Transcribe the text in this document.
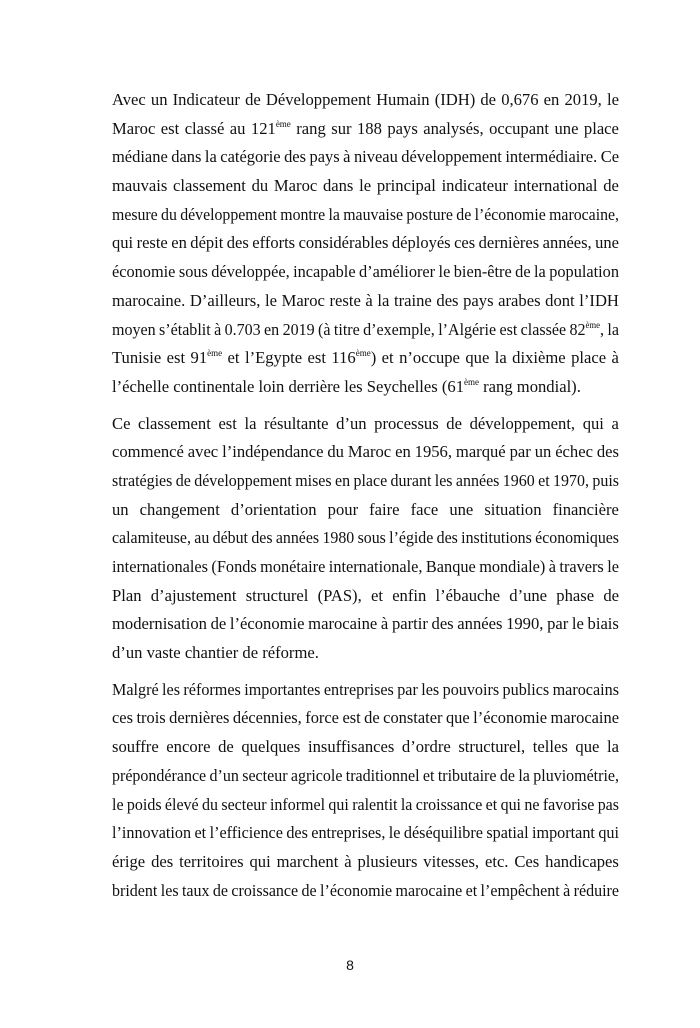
Avec un Indicateur de Développement Humain (IDH) de 0,676 en 2019, le
Maroc est classé au 121ème rang sur 188 pays analysés, occupant une place
médiane dans la catégorie des pays à niveau développement intermédiaire. Ce
mauvais classement du Maroc dans le principal indicateur international de
mesure du développement montre la mauvaise posture de l’économie marocaine,
qui reste en dépit des efforts considérables déployés ces dernières années, une
économie sous développée, incapable d’améliorer le bien-être de la population
marocaine. D’ailleurs, le Maroc reste à la traine des pays arabes dont l’IDH
moyen s’établit à 0.703 en 2019 (à titre d’exemple, l’Algérie est classée 82ème, la
Tunisie est 91ème et l’Egypte est 116ème) et n’occupe que la dixième place à
l’échelle continentale loin derrière les Seychelles (61ème rang mondial).
Ce classement est la résultante d’un processus de développement, qui a
commencé avec l’indépendance du Maroc en 1956, marqué par un échec des
stratégies de développement mises en place durant les années 1960 et 1970, puis
un changement d’orientation pour faire face une situation financière
calamiteuse, au début des années 1980 sous l’égide des institutions économiques
internationales (Fonds monétaire internationale, Banque mondiale) à travers le
Plan d’ajustement structurel (PAS), et enfin l’ébauche d’une phase de
modernisation de l’économie marocaine à partir des années 1990, par le biais
d’un vaste chantier de réforme.
Malgré les réformes importantes entreprises par les pouvoirs publics marocains
ces trois dernières décennies, force est de constater que l’économie marocaine
souffre encore de quelques insuffisances d’ordre structurel, telles que la
prépondérance d’un secteur agricole traditionnel et tributaire de la pluviométrie,
le poids élevé du secteur informel qui ralentit la croissance et qui ne favorise pas
l’innovation et l’efficience des entreprises, le déséquilibre spatial important qui
érige des territoires qui marchent à plusieurs vitesses, etc. Ces handicapes
brident les taux de croissance de l’économie marocaine et l’empêchent à réduire
8
